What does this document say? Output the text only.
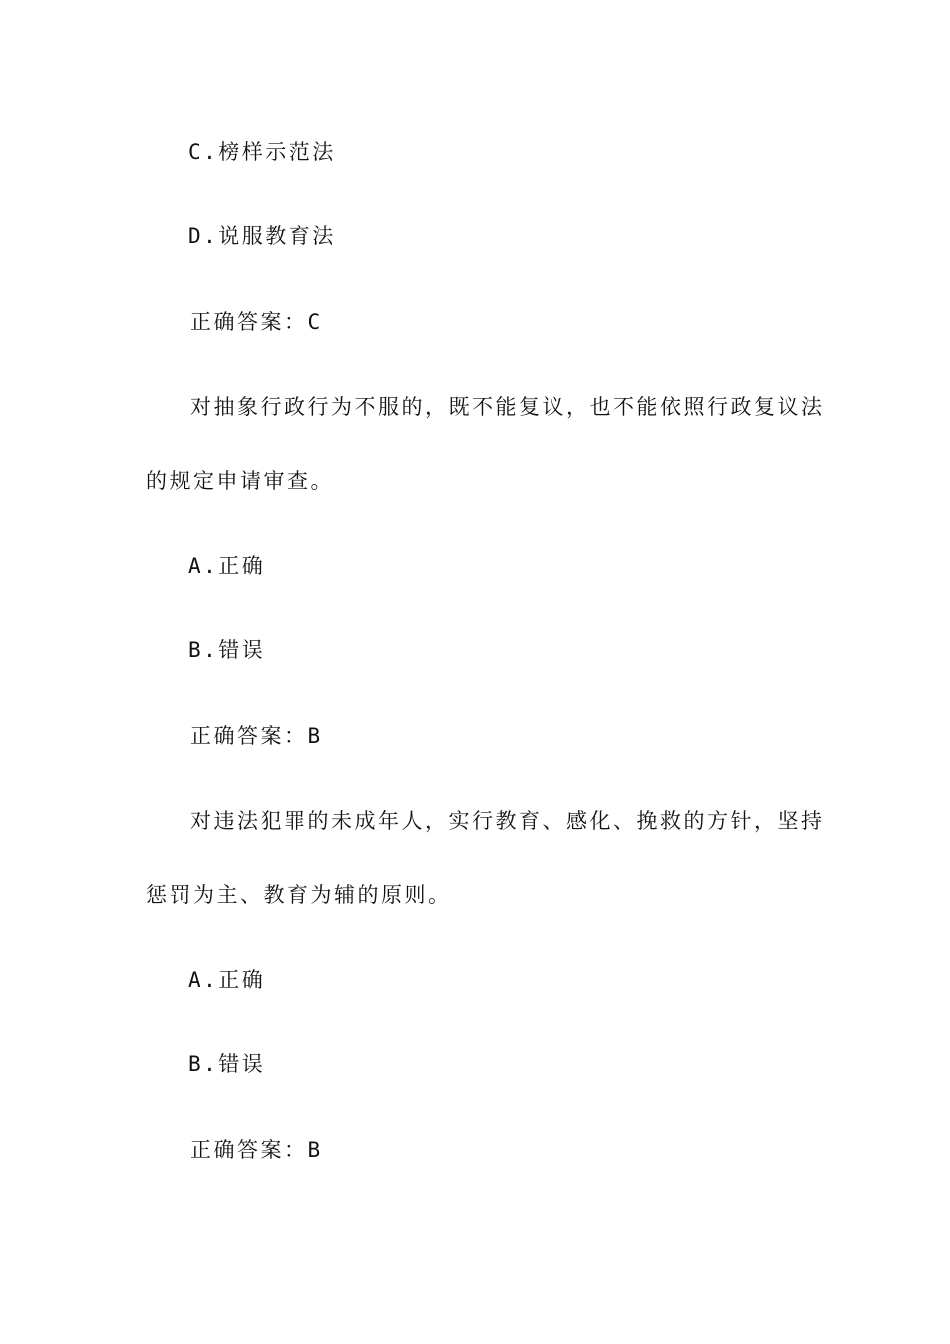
C.榜样示范法
D.说服教育法
正确答案：C
对抽象行政行为不服的，既不能复议，也不能依照行政复议法
的规定申请审查。
A.正确
B.错误
正确答案：B
对违法犯罪的未成年人，实行教育、感化、挽救的方针，坚持
惩罚为主、教育为辅的原则。
A.正确
B.错误
正确答案：B
